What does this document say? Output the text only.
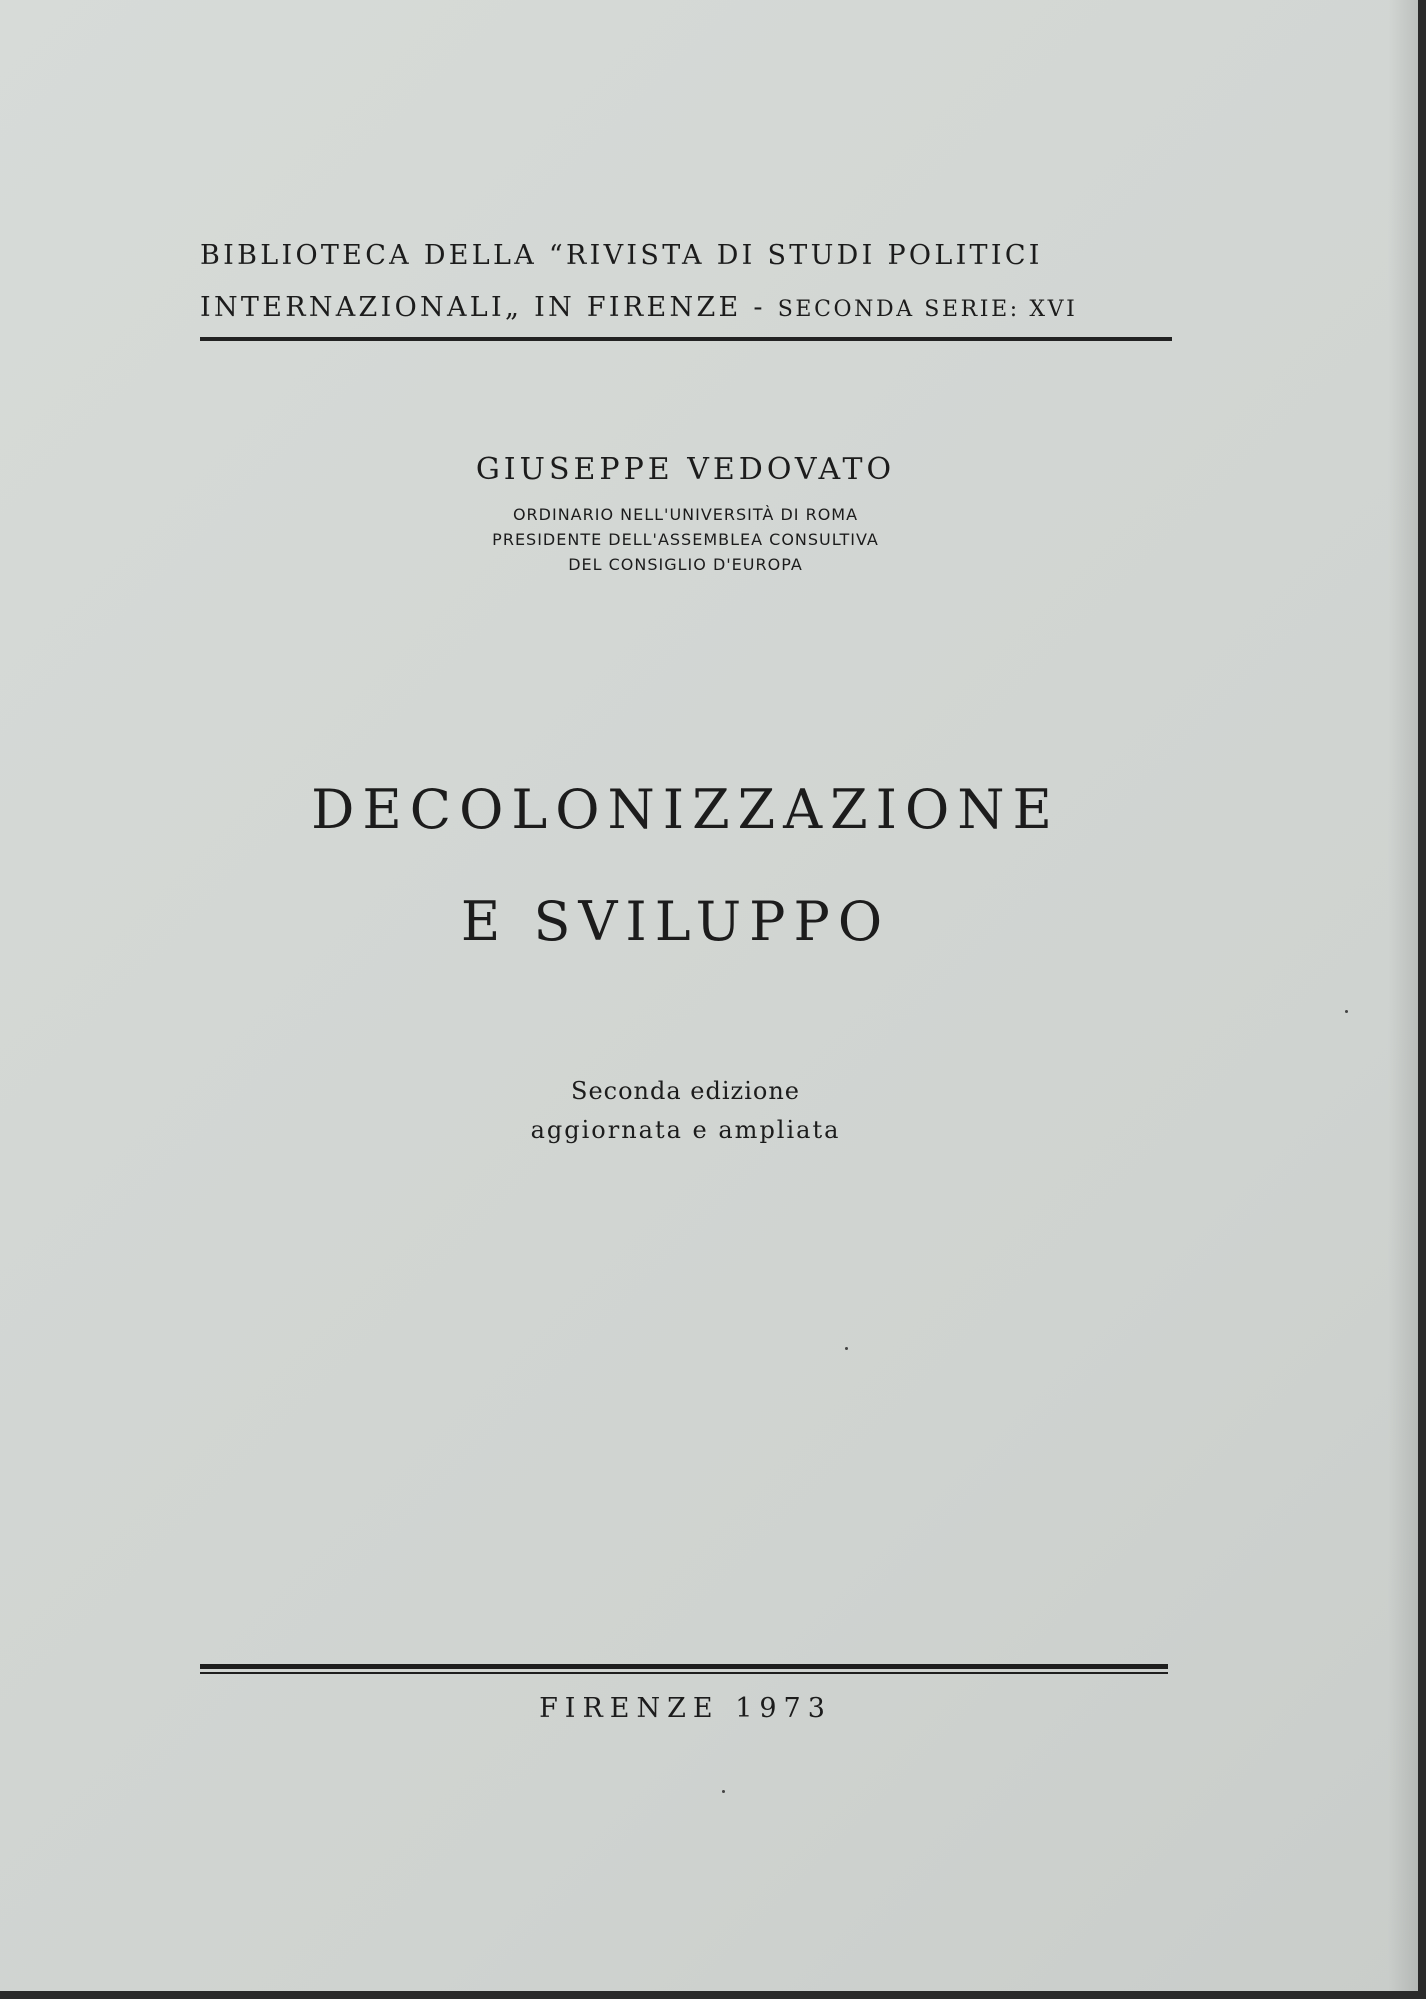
BIBLIOTECA DELLA “RIVISTA DI STUDI POLITICI
INTERNAZIONALI„ IN FIRENZE - SECONDA SERIE: XVI
GIUSEPPE VEDOVATO
ORDINARIO NELL'UNIVERSITÀ DI ROMA
PRESIDENTE DELL'ASSEMBLEA CONSULTIVA
DEL CONSIGLIO D'EUROPA
DECOLONIZZAZIONE
E SVILUPPO
Seconda edizione
aggiornata e ampliata
FIRENZE 1973
